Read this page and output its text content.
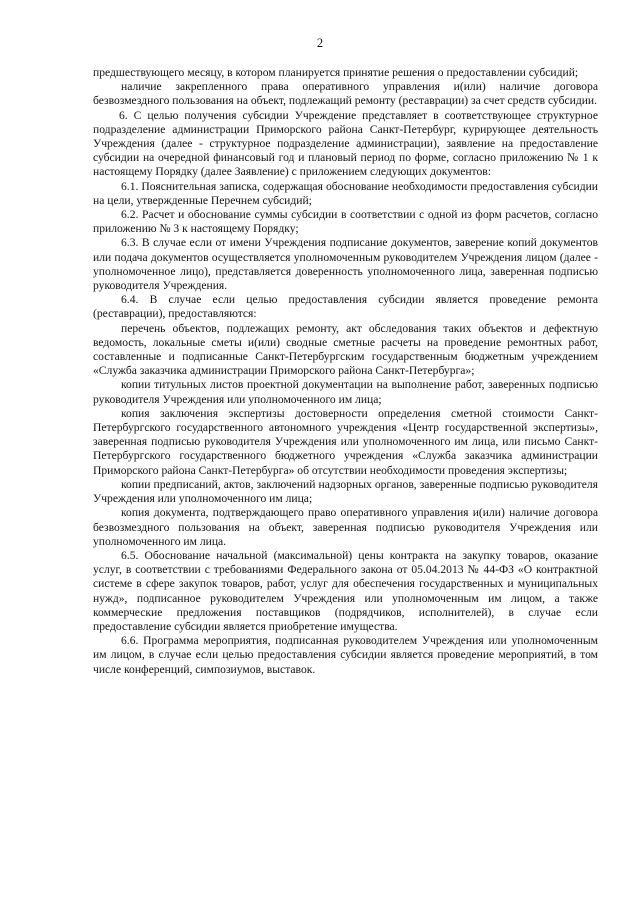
2

предшествующего месяцу, в котором планируется принятие решения о предоставлении субсидий;

наличие закрепленного права оперативного управления и(или) наличие договора безвозмездного пользования на объект, подлежащий ремонту (реставрации) за счет средств субсидии.

6. С целью получения субсидии Учреждение представляет в соответствующее структурное подразделение администрации Приморского района Санкт-Петербург, курирующее деятельность Учреждения (далее - структурное подразделение администрации), заявление на предоставление субсидии на очередной финансовый год и плановый период по форме, согласно приложению № 1 к настоящему Порядку (далее Заявление) с приложением следующих документов:

6.1. Пояснительная записка, содержащая обоснование необходимости предоставления субсидии на цели, утвержденные Перечнем субсидий;

6.2. Расчет и обоснование суммы субсидии в соответствии с одной из форм расчетов, согласно приложению № 3 к настоящему Порядку;

6.3. В случае если от имени Учреждения подписание документов, заверение копий документов или подача документов осуществляется уполномоченным руководителем Учреждения лицом (далее - уполномоченное лицо), представляется доверенность уполномоченного лица, заверенная подписью руководителя Учреждения.

6.4. В случае если целью предоставления субсидии является проведение ремонта (реставрации), предоставляются:

перечень объектов, подлежащих ремонту, акт обследования таких объектов и дефектную ведомость, локальные сметы и(или) сводные сметные расчеты на проведение ремонтных работ, составленные и подписанные Санкт-Петербургским государственным бюджетным учреждением «Служба заказчика администрации Приморского района Санкт-Петербурга»;

копии титульных листов проектной документации на выполнение работ, заверенных подписью руководителя Учреждения или уполномоченного им лица;

копия заключения экспертизы достоверности определения сметной стоимости Санкт-Петербургского государственного автономного учреждения «Центр государственной экспертизы», заверенная подписью руководителя Учреждения или уполномоченного им лица, или письмо Санкт-Петербургского государственного бюджетного учреждения «Служба заказчика администрации Приморского района Санкт-Петербурга» об отсутствии необходимости проведения экспертизы;

копии предписаний, актов, заключений надзорных органов, заверенные подписью руководителя Учреждения или уполномоченного им лица;

копия документа, подтверждающего право оперативного управления и(или) наличие договора безвозмездного пользования на объект, заверенная подписью руководителя Учреждения или уполномоченного им лица.

6.5. Обоснование начальной (максимальной) цены контракта на закупку товаров, оказание услуг, в соответствии с требованиями Федерального закона от 05.04.2013 № 44-ФЗ «О контрактной системе в сфере закупок товаров, работ, услуг для обеспечения государственных и муниципальных нужд», подписанное руководителем Учреждения или уполномоченным им лицом, а также коммерческие предложения поставщиков (подрядчиков, исполнителей), в случае если предоставление субсидии является приобретение имущества.

6.6. Программа мероприятия, подписанная руководителем Учреждения или уполномоченным им лицом, в случае если целью предоставления субсидии является проведение мероприятий, в том числе конференций, симпозиумов, выставок.
